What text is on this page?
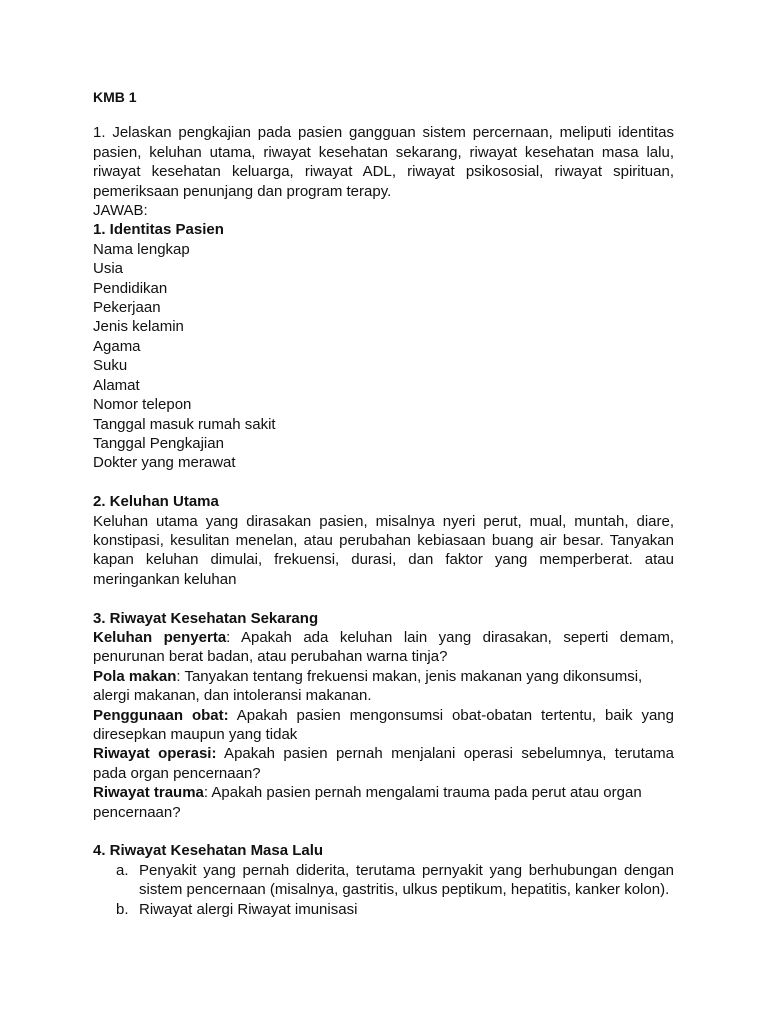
KMB 1

1. Jelaskan pengkajian pada pasien gangguan sistem percernaan, meliputi identitas pasien, keluhan utama, riwayat kesehatan sekarang, riwayat kesehatan masa lalu, riwayat kesehatan keluarga, riwayat ADL, riwayat psikososial, riwayat spirituan, pemeriksaan penunjang dan program terapy.

JAWAB:

1. Identitas Pasien

Nama lengkap
Usia
Pendidikan
Pekerjaan
Jenis kelamin
Agama
Suku
Alamat
Nomor telepon
Tanggal masuk rumah sakit
Tanggal Pengkajian
Dokter yang merawat

2. Keluhan Utama

Keluhan utama yang dirasakan pasien, misalnya nyeri perut, mual, muntah, diare, konstipasi, kesulitan menelan, atau perubahan kebiasaan buang air besar. Tanyakan kapan keluhan dimulai, frekuensi, durasi, dan faktor yang memperberat. atau meringankan keluhan

3. Riwayat Kesehatan Sekarang

Keluhan penyerta: Apakah ada keluhan lain yang dirasakan, seperti demam, penurunan berat badan, atau perubahan warna tinja?

Pola makan: Tanyakan tentang frekuensi makan, jenis makanan yang dikonsumsi, alergi makanan, dan intoleransi makanan.

Penggunaan obat: Apakah pasien mengonsumsi obat-obatan tertentu, baik yang diresepkan maupun yang tidak

Riwayat operasi: Apakah pasien pernah menjalani operasi sebelumnya, terutama pada organ pencernaan?

Riwayat trauma: Apakah pasien pernah mengalami trauma pada perut atau organ pencernaan?

4. Riwayat Kesehatan Masa Lalu

a. Penyakit yang pernah diderita, terutama pernyakit yang berhubungan dengan sistem pencernaan (misalnya, gastritis, ulkus peptikum, hepatitis, kanker kolon).
b. Riwayat alergi Riwayat imunisasi
